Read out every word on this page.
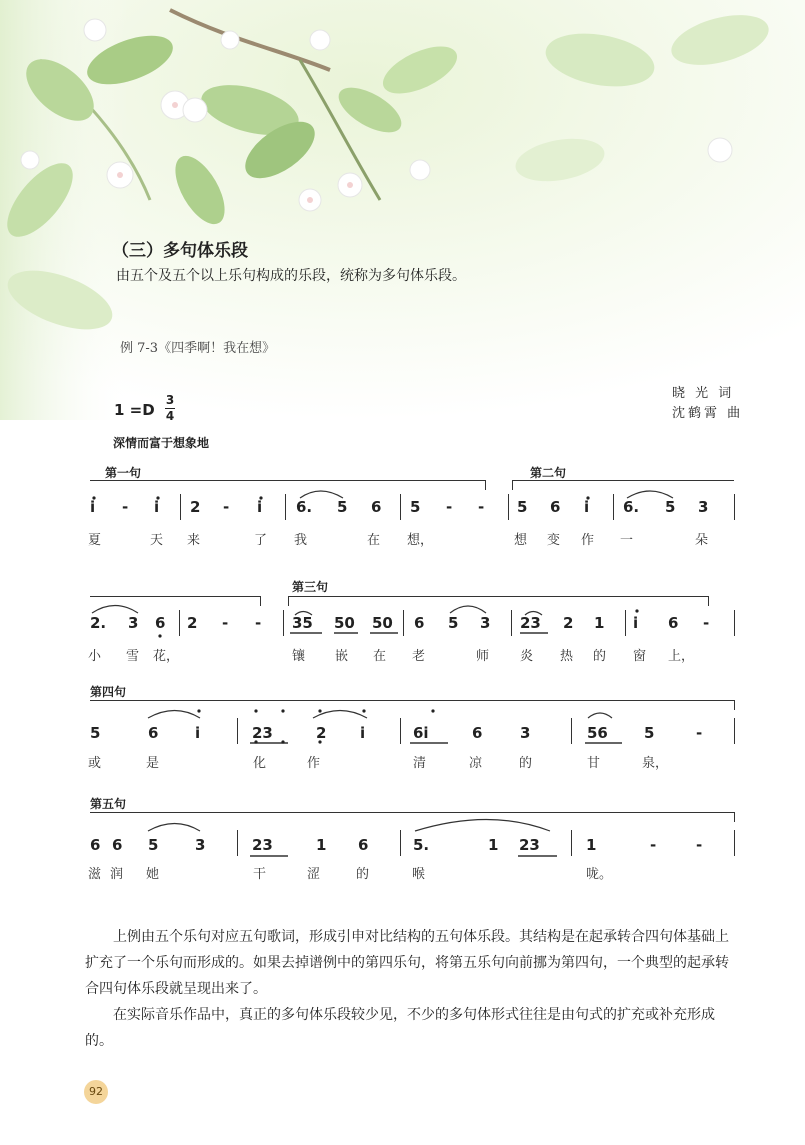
（三）多句体乐段
由五个及五个以上乐句构成的乐段，统称为多句体乐段。
例 7-3《四季啊！我在想》
1 =D
3
4
晓 光 词
沈鹤霄 曲
深情而富于想象地
第一句	第二句
第三句
第四句
第五句
i - i 2 - i 6. 5 6 5 - - 5 6 i 6. 5 3
夏	天 来	了 我	在 想，	想 变 作 一	朵
2. 3 6 2 - - 35 50 50 6 5 3 23 2 1 i 6 -
小 雪 花，	镶 嵌 在 老	师 炎 热 的 窗 上，
5	6 i	23	2 i	6i	6	3	56 5	-
或	是	化	作	清	凉	的	甘	泉，
6 6 5 3	23	1 6	5.	1 23	1	-	-
滋 润 她	干	涩	的	喉	咙。
上例由五个乐句对应五句歌词，形成引申对比结构的五句体乐段。其结构是在起承转合四句体基础上扩充了一个乐句而形成的。如果去掉谱例中的第四乐句，将第五乐句向前挪为第四句，一个典型的起承转合四句体乐段就呈现出来了。
在实际音乐作品中，真正的多句体乐段较少见，不少的多句体形式往往是由句式的扩充或补充形成的。
92
